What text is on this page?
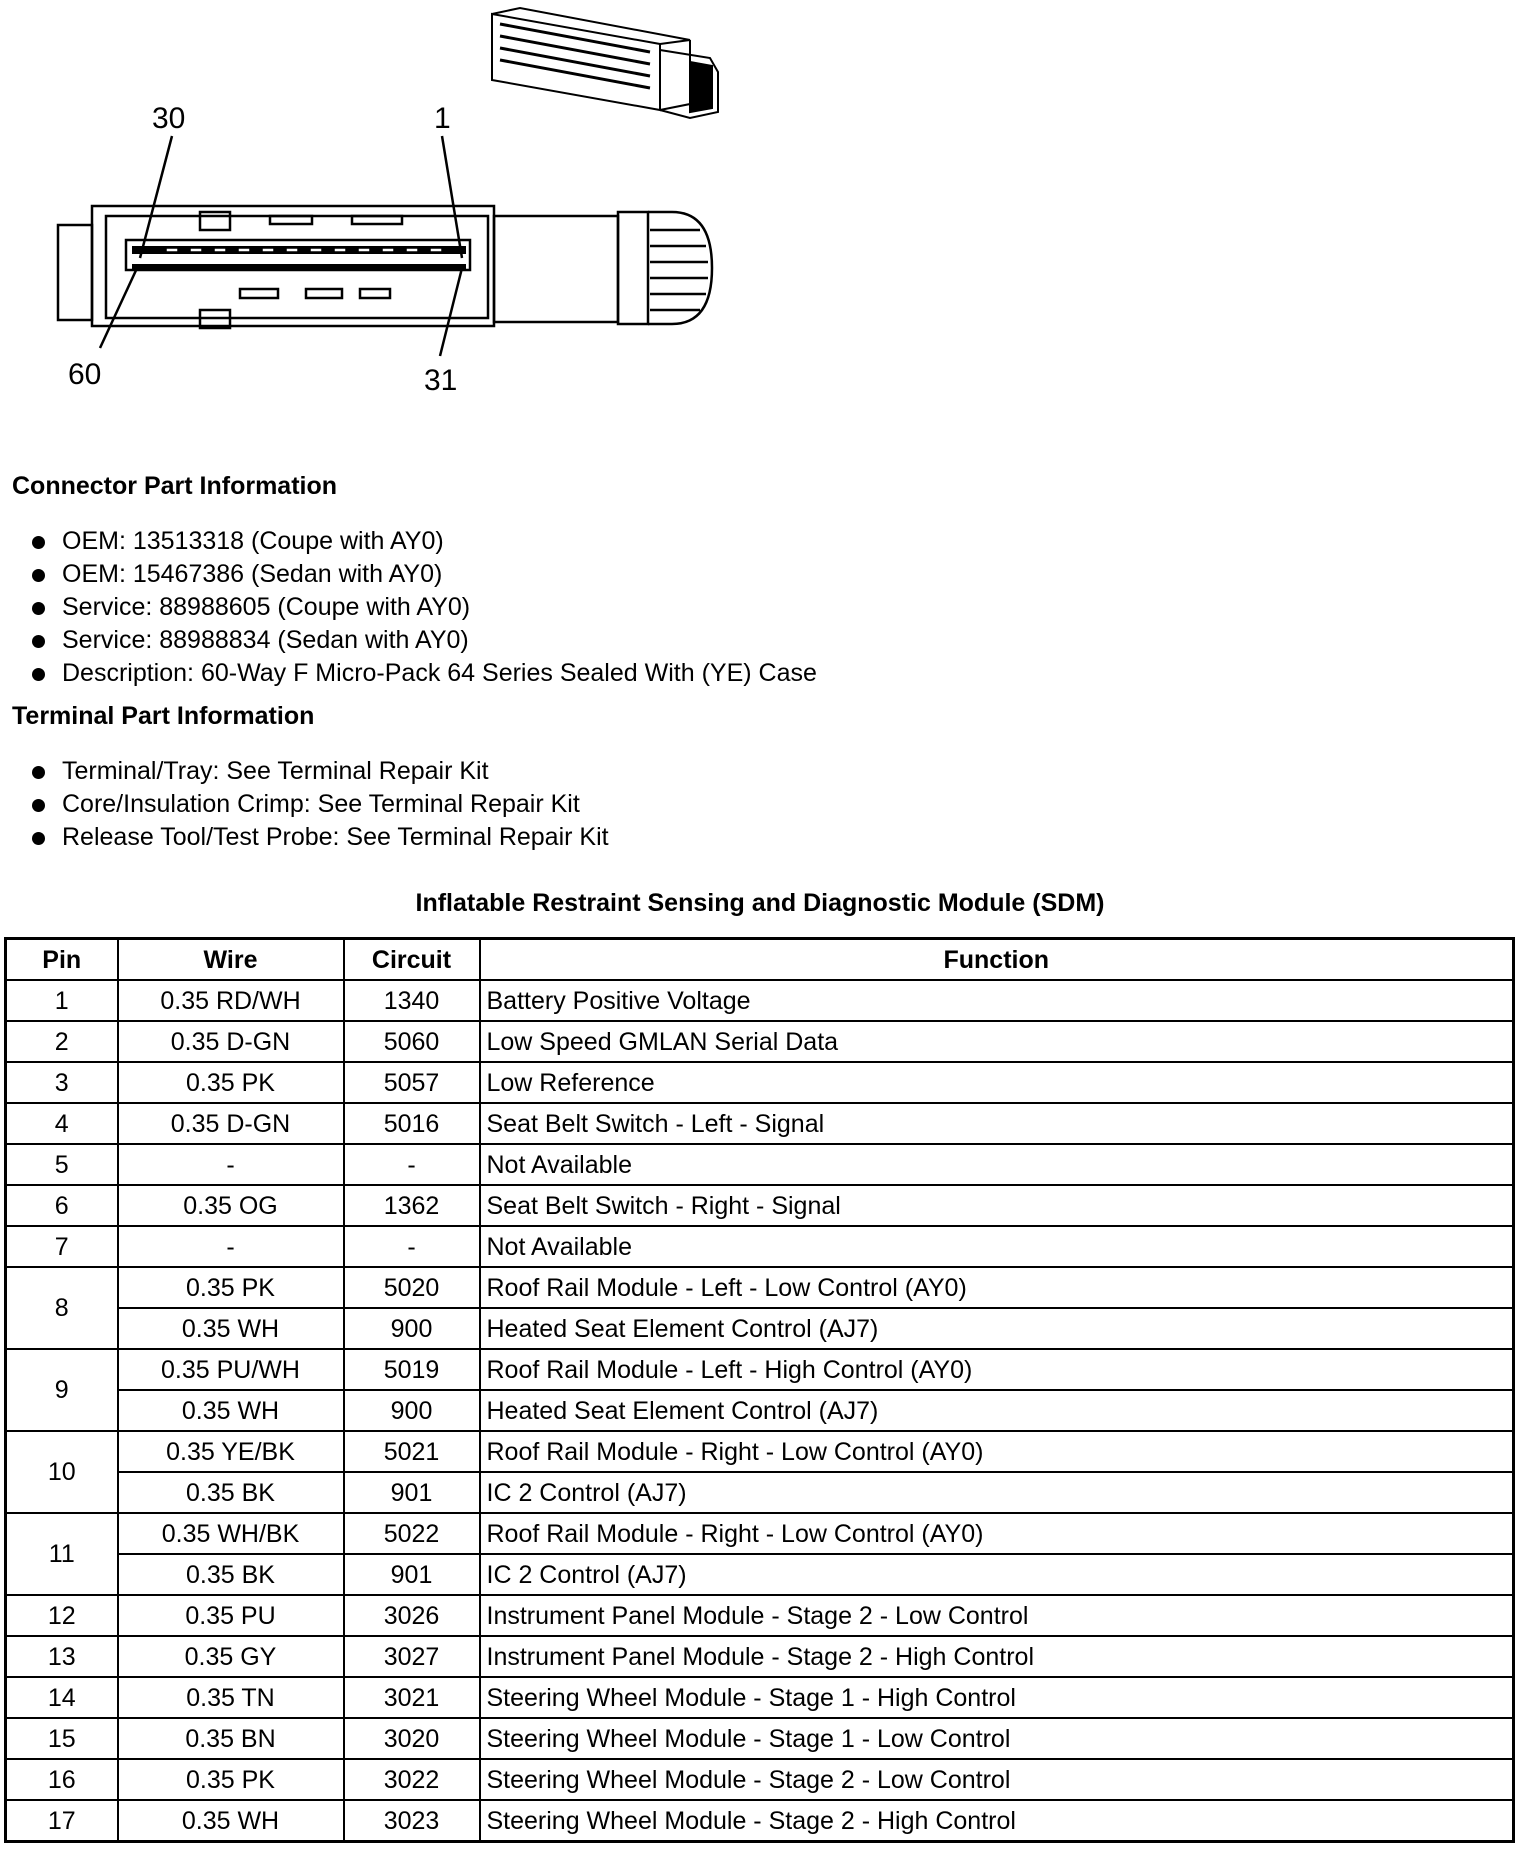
30	1
60	31
Connector Part Information
OEM: 13513318 (Coupe with AY0)
OEM: 15467386 (Sedan with AY0)
Service: 88988605 (Coupe with AY0)
Service: 88988834 (Sedan with AY0)
Description: 60-Way F Micro-Pack 64 Series Sealed With (YE) Case
Terminal Part Information
Terminal/Tray: See Terminal Repair Kit
Core/Insulation Crimp: See Terminal Repair Kit
Release Tool/Test Probe: See Terminal Repair Kit
Inflatable Restraint Sensing and Diagnostic Module (SDM)
Pin	Wire	Circuit	Function
1	0.35 RD/WH	1340	Battery Positive Voltage
2	0.35 D-GN	5060	Low Speed GMLAN Serial Data
3	0.35 PK	5057	Low Reference
4	0.35 D-GN	5016	Seat Belt Switch - Left - Signal
5	-	-	Not Available
6	0.35 OG	1362	Seat Belt Switch - Right - Signal
7	-	-	Not Available
8	0.35 PK	5020	Roof Rail Module - Left - Low Control (AY0)
	0.35 WH	900	Heated Seat Element Control (AJ7)
9	0.35 PU/WH	5019	Roof Rail Module - Left - High Control (AY0)
	0.35 WH	900	Heated Seat Element Control (AJ7)
10	0.35 YE/BK	5021	Roof Rail Module - Right - Low Control (AY0)
	0.35 BK	901	IC 2 Control (AJ7)
11	0.35 WH/BK	5022	Roof Rail Module - Right - Low Control (AY0)
	0.35 BK	901	IC 2 Control (AJ7)
12	0.35 PU	3026	Instrument Panel Module - Stage 2 - Low Control
13	0.35 GY	3027	Instrument Panel Module - Stage 2 - High Control
14	0.35 TN	3021	Steering Wheel Module - Stage 1 - High Control
15	0.35 BN	3020	Steering Wheel Module - Stage 1 - Low Control
16	0.35 PK	3022	Steering Wheel Module - Stage 2 - Low Control
17	0.35 WH	3023	Steering Wheel Module - Stage 2 - High Control
